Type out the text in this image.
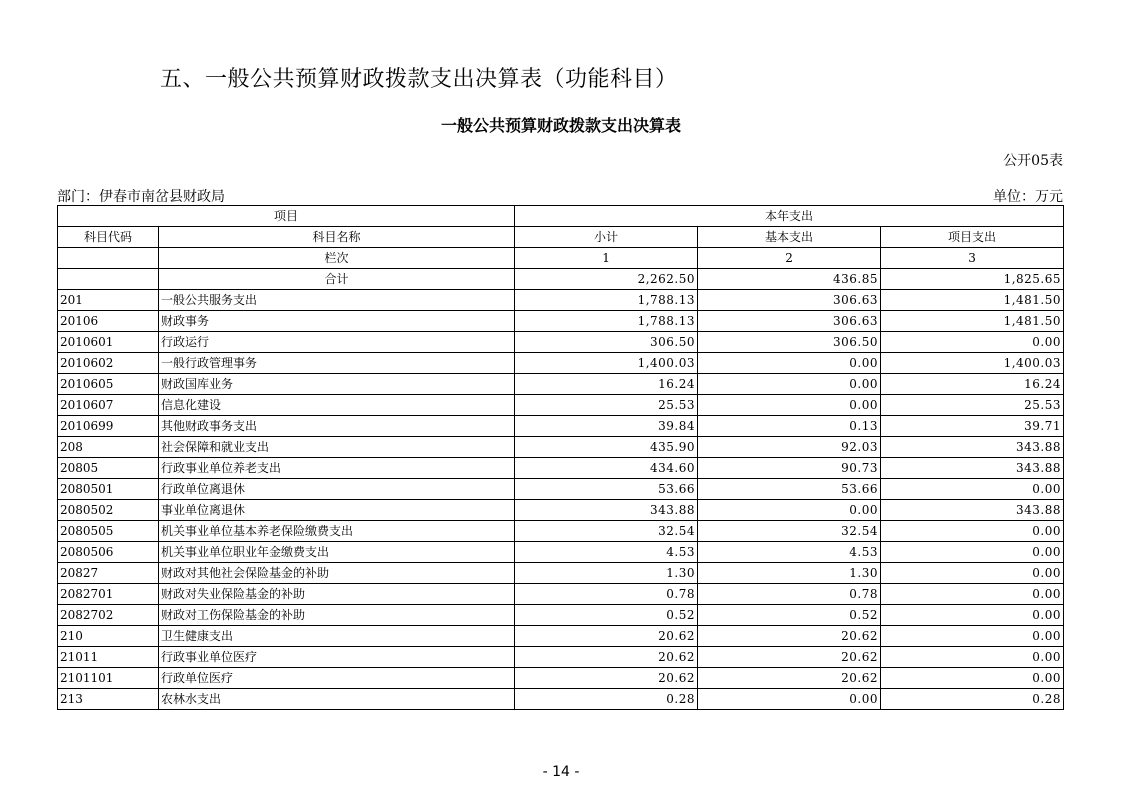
五、一般公共预算财政拨款支出决算表（功能科目）
一般公共预算财政拨款支出决算表
公开05表
部门：伊春市南岔县财政局	单位：万元
项目		本年支出		
科目代码	科目名称	小计	基本支出	项目支出
	栏次	1	2	3
	合计	2,262.50	436.85	1,825.65
201	一般公共服务支出	1,788.13	306.63	1,481.50
20106	财政事务	1,788.13	306.63	1,481.50
2010601	行政运行	306.50	306.50	0.00
2010602	一般行政管理事务	1,400.03	0.00	1,400.03
2010605	财政国库业务	16.24	0.00	16.24
2010607	信息化建设	25.53	0.00	25.53
2010699	其他财政事务支出	39.84	0.13	39.71
208	社会保障和就业支出	435.90	92.03	343.88
20805	行政事业单位养老支出	434.60	90.73	343.88
2080501	行政单位离退休	53.66	53.66	0.00
2080502	事业单位离退休	343.88	0.00	343.88
2080505	机关事业单位基本养老保险缴费支出	32.54	32.54	0.00
2080506	机关事业单位职业年金缴费支出	4.53	4.53	0.00
20827	财政对其他社会保险基金的补助	1.30	1.30	0.00
2082701	财政对失业保险基金的补助	0.78	0.78	0.00
2082702	财政对工伤保险基金的补助	0.52	0.52	0.00
210	卫生健康支出	20.62	20.62	0.00
21011	行政事业单位医疗	20.62	20.62	0.00
2101101	行政单位医疗	20.62	20.62	0.00
213	农林水支出	0.28	0.00	0.28
- 14 -
